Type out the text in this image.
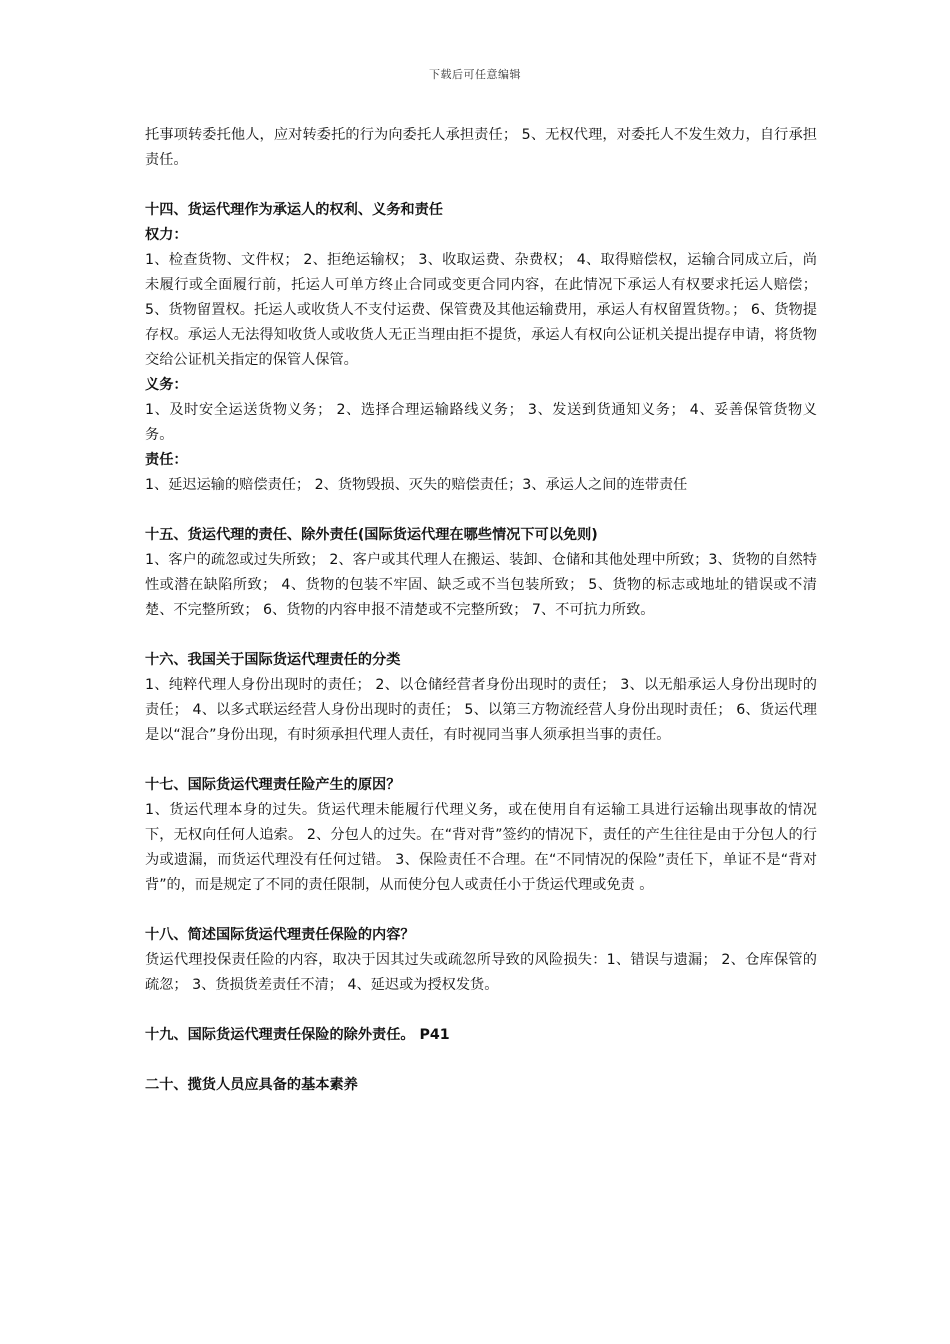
下载后可任意编辑

托事项转委托他人，应对转委托的行为向委托人承担责任； 5、无权代理，对委托人不发生效力，自行承担责任。

十四、货运代理作为承运人的权利、义务和责任

权力：

1、检查货物、文件权； 2、拒绝运输权； 3、收取运费、杂费权； 4、取得赔偿权，运输合同成立后，尚未履行或全面履行前，托运人可单方终止合同或变更合同内容，在此情况下承运人有权要求托运人赔偿；5、货物留置权。托运人或收货人不支付运费、保管费及其他运输费用，承运人有权留置货物。； 6、货物提存权。承运人无法得知收货人或收货人无正当理由拒不提货，承运人有权向公证机关提出提存申请，将货物交给公证机关指定的保管人保管。

义务：

1、及时安全运送货物义务； 2、选择合理运输路线义务； 3、发送到货通知义务； 4、妥善保管货物义务。

责任：

1、延迟运输的赔偿责任； 2、货物毁损、灭失的赔偿责任；3、承运人之间的连带责任

十五、货运代理的责任、除外责任(国际货运代理在哪些情况下可以免则)

1、客户的疏忽或过失所致； 2、客户或其代理人在搬运、装卸、仓储和其他处理中所致；3、货物的自然特性或潜在缺陷所致； 4、货物的包装不牢固、缺乏或不当包装所致； 5、货物的标志或地址的错误或不清楚、不完整所致； 6、货物的内容申报不清楚或不完整所致； 7、不可抗力所致。

十六、我国关于国际货运代理责任的分类

1、纯粹代理人身份出现时的责任； 2、以仓储经营者身份出现时的责任； 3、以无船承运人身份出现时的责任； 4、以多式联运经营人身份出现时的责任； 5、以第三方物流经营人身份出现时责任； 6、货运代理是以“混合”身份出现，有时须承担代理人责任，有时视同当事人须承担当事的责任。

十七、国际货运代理责任险产生的原因？

1、货运代理本身的过失。货运代理未能履行代理义务，或在使用自有运输工具进行运输出现事故的情况下，无权向任何人追索。 2、分包人的过失。在“背对背”签约的情况下，责任的产生往往是由于分包人的行为或遗漏，而货运代理没有任何过错。 3、保险责任不合理。在“不同情况的保险”责任下，单证不是“背对背”的，而是规定了不同的责任限制，从而使分包人或责任小于货运代理或免责 。

十八、简述国际货运代理责任保险的内容？

货运代理投保责任险的内容，取决于因其过失或疏忽所导致的风险损失：1、错误与遗漏； 2、仓库保管的疏忽； 3、货损货差责任不清； 4、延迟或为授权发货。

十九、国际货运代理责任保险的除外责任。 P41

二十、揽货人员应具备的基本素养
